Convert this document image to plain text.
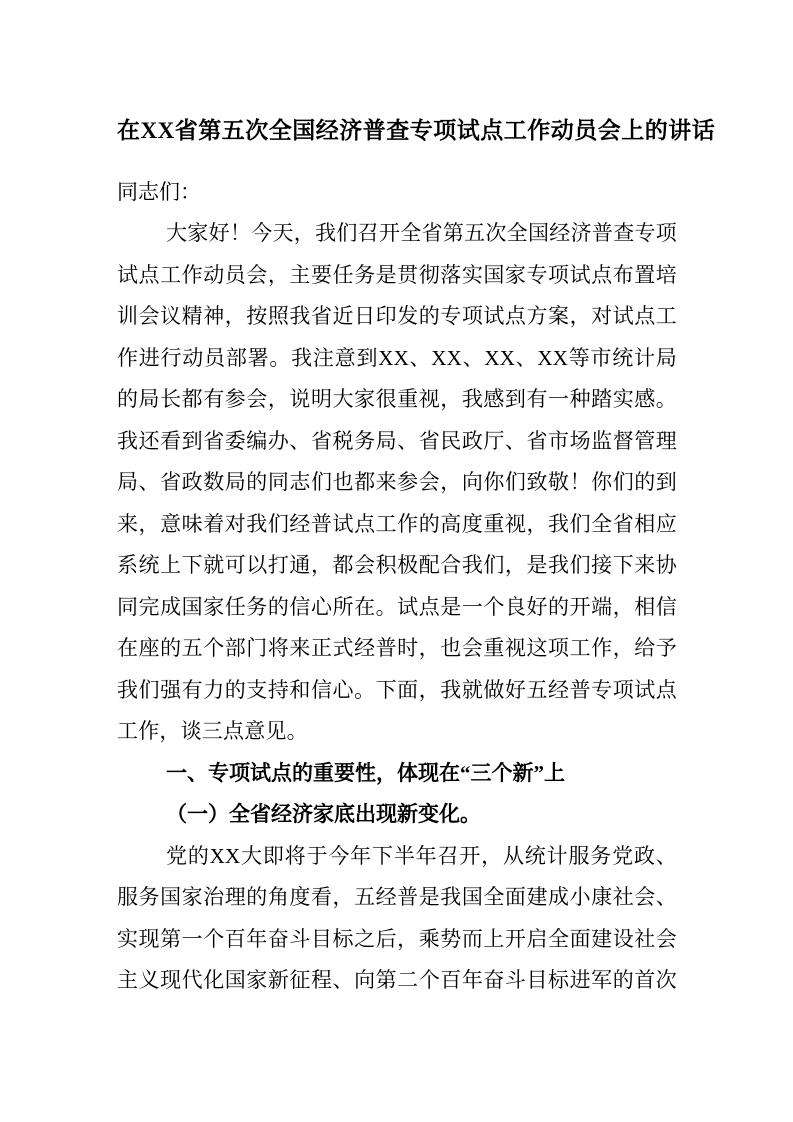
在XX省第五次全国经济普查专项试点工作动员会上的讲话
同志们：
大家好！今天，我们召开全省第五次全国经济普查专项
试点工作动员会，主要任务是贯彻落实国家专项试点布置培
训会议精神，按照我省近日印发的专项试点方案，对试点工
作进行动员部署。我注意到XX、XX、XX、XX等市统计局
的局长都有参会，说明大家很重视，我感到有一种踏实感。
我还看到省委编办、省税务局、省民政厅、省市场监督管理
局、省政数局的同志们也都来参会，向你们致敬！你们的到
来，意味着对我们经普试点工作的高度重视，我们全省相应
系统上下就可以打通，都会积极配合我们，是我们接下来协
同完成国家任务的信心所在。试点是一个良好的开端，相信
在座的五个部门将来正式经普时，也会重视这项工作，给予
我们强有力的支持和信心。下面，我就做好五经普专项试点
工作，谈三点意见。
一、专项试点的重要性，体现在“三个新”上
（一）全省经济家底出现新变化。
党的XX大即将于今年下半年召开，从统计服务党政、
服务国家治理的角度看，五经普是我国全面建成小康社会、
实现第一个百年奋斗目标之后，乘势而上开启全面建设社会
主义现代化国家新征程、向第二个百年奋斗目标进军的首次
